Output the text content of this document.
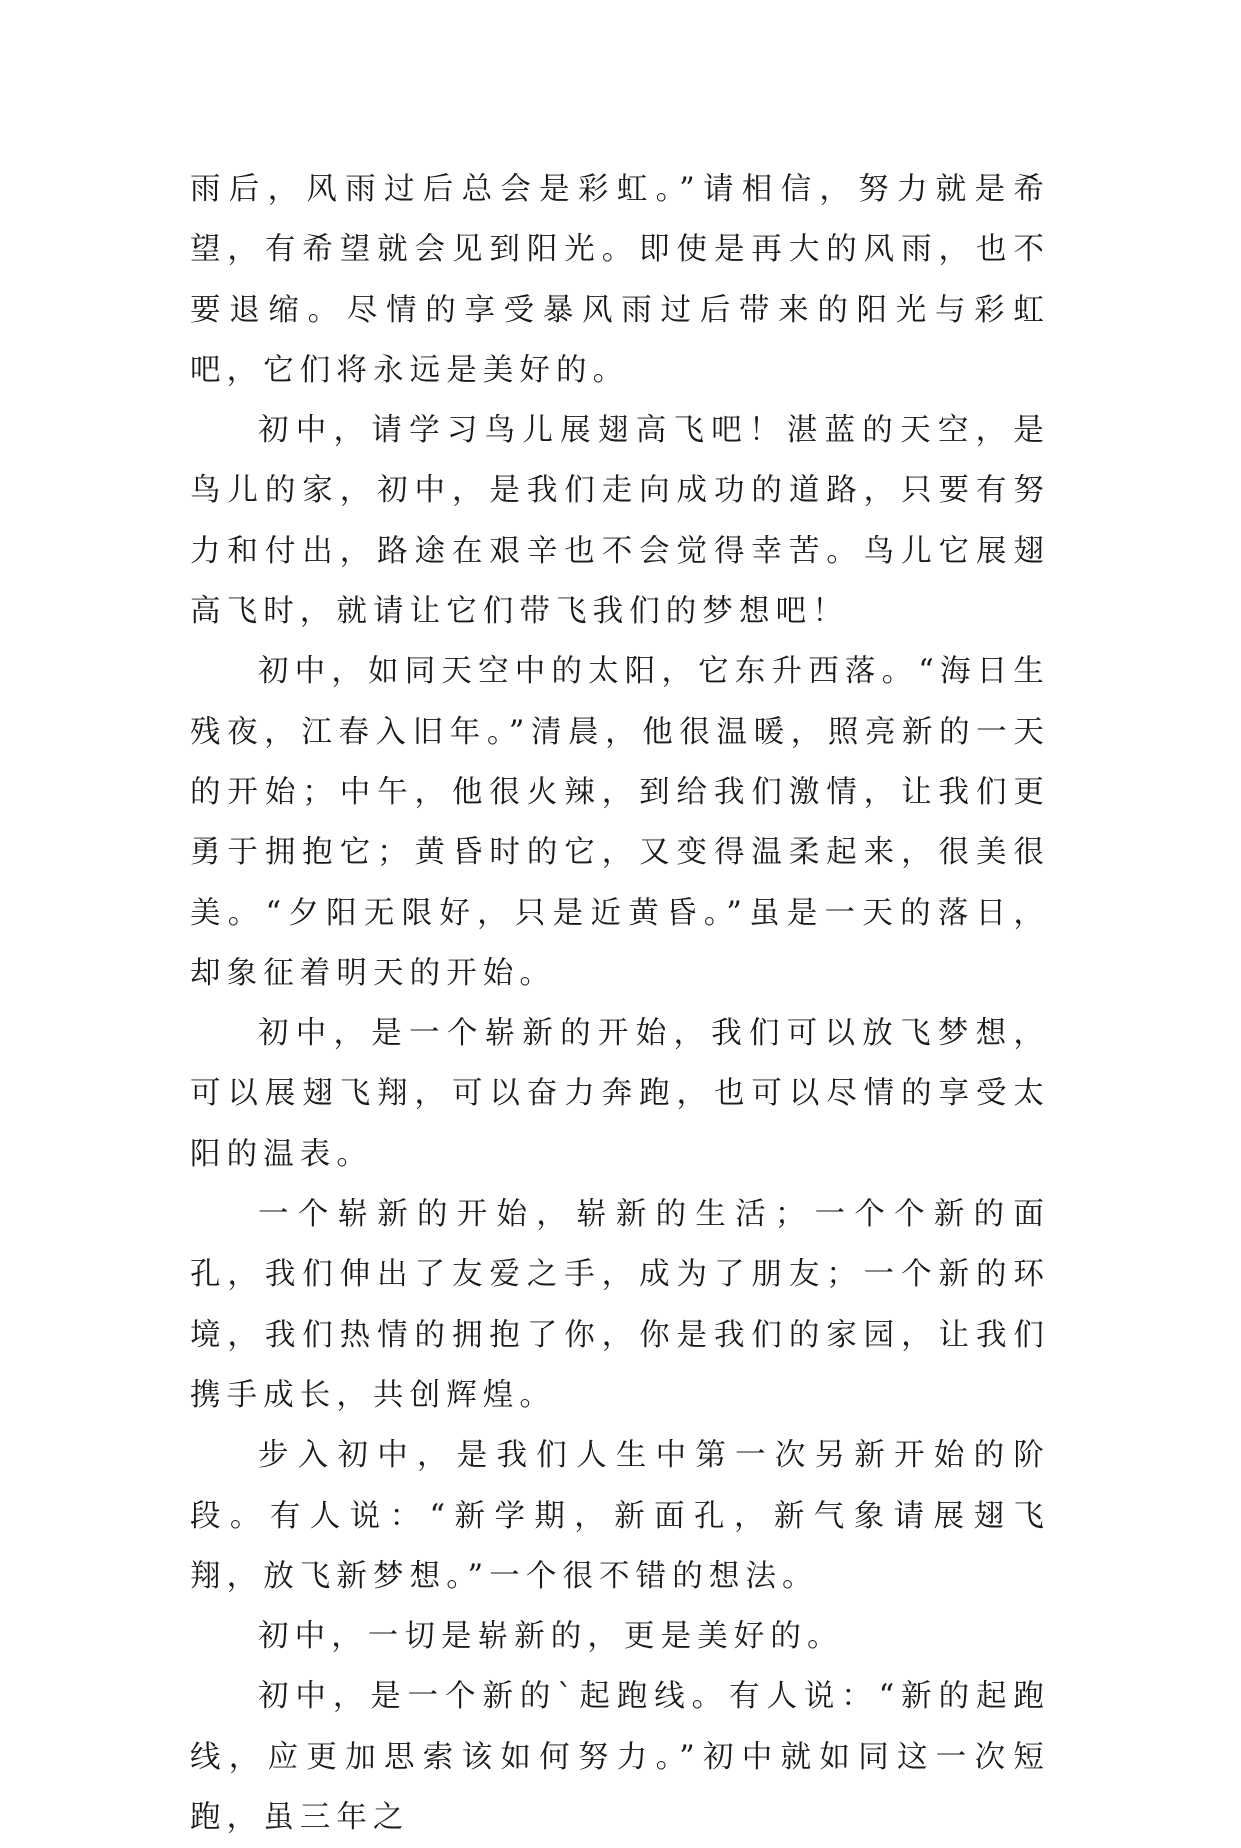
雨后，风雨过后总会是彩虹。”请相信，努力就是希望，有希望就会见到阳光。即使是再大的风雨，也不要退缩。尽情的享受暴风雨过后带来的阳光与彩虹吧，它们将永远是美好的。

初中，请学习鸟儿展翅高飞吧！湛蓝的天空，是鸟儿的家，初中，是我们走向成功的道路，只要有努力和付出，路途在艰辛也不会觉得幸苦。鸟儿它展翅高飞时，就请让它们带飞我们的梦想吧！

初中，如同天空中的太阳，它东升西落。“海日生残夜，江春入旧年。”清晨，他很温暖，照亮新的一天的开始；中午，他很火辣，到给我们激情，让我们更勇于拥抱它；黄昏时的它，又变得温柔起来，很美很美。“夕阳无限好，只是近黄昏。”虽是一天的落日，却象征着明天的开始。

初中，是一个崭新的开始，我们可以放飞梦想，可以展翅飞翔，可以奋力奔跑，也可以尽情的享受太阳的温表。

一个崭新的开始，崭新的生活；一个个新的面孔，我们伸出了友爱之手，成为了朋友；一个新的环境，我们热情的拥抱了你，你是我们的家园，让我们携手成长，共创辉煌。

步入初中，是我们人生中第一次另新开始的阶段。有人说：“新学期，新面孔，新气象请展翅飞翔，放飞新梦想。”一个很不错的想法。

初中，一切是崭新的，更是美好的。

初中，是一个新的`起跑线。有人说：“新的起跑线，应更加思索该如何努力。”初中就如同这一次短跑，虽三年之
